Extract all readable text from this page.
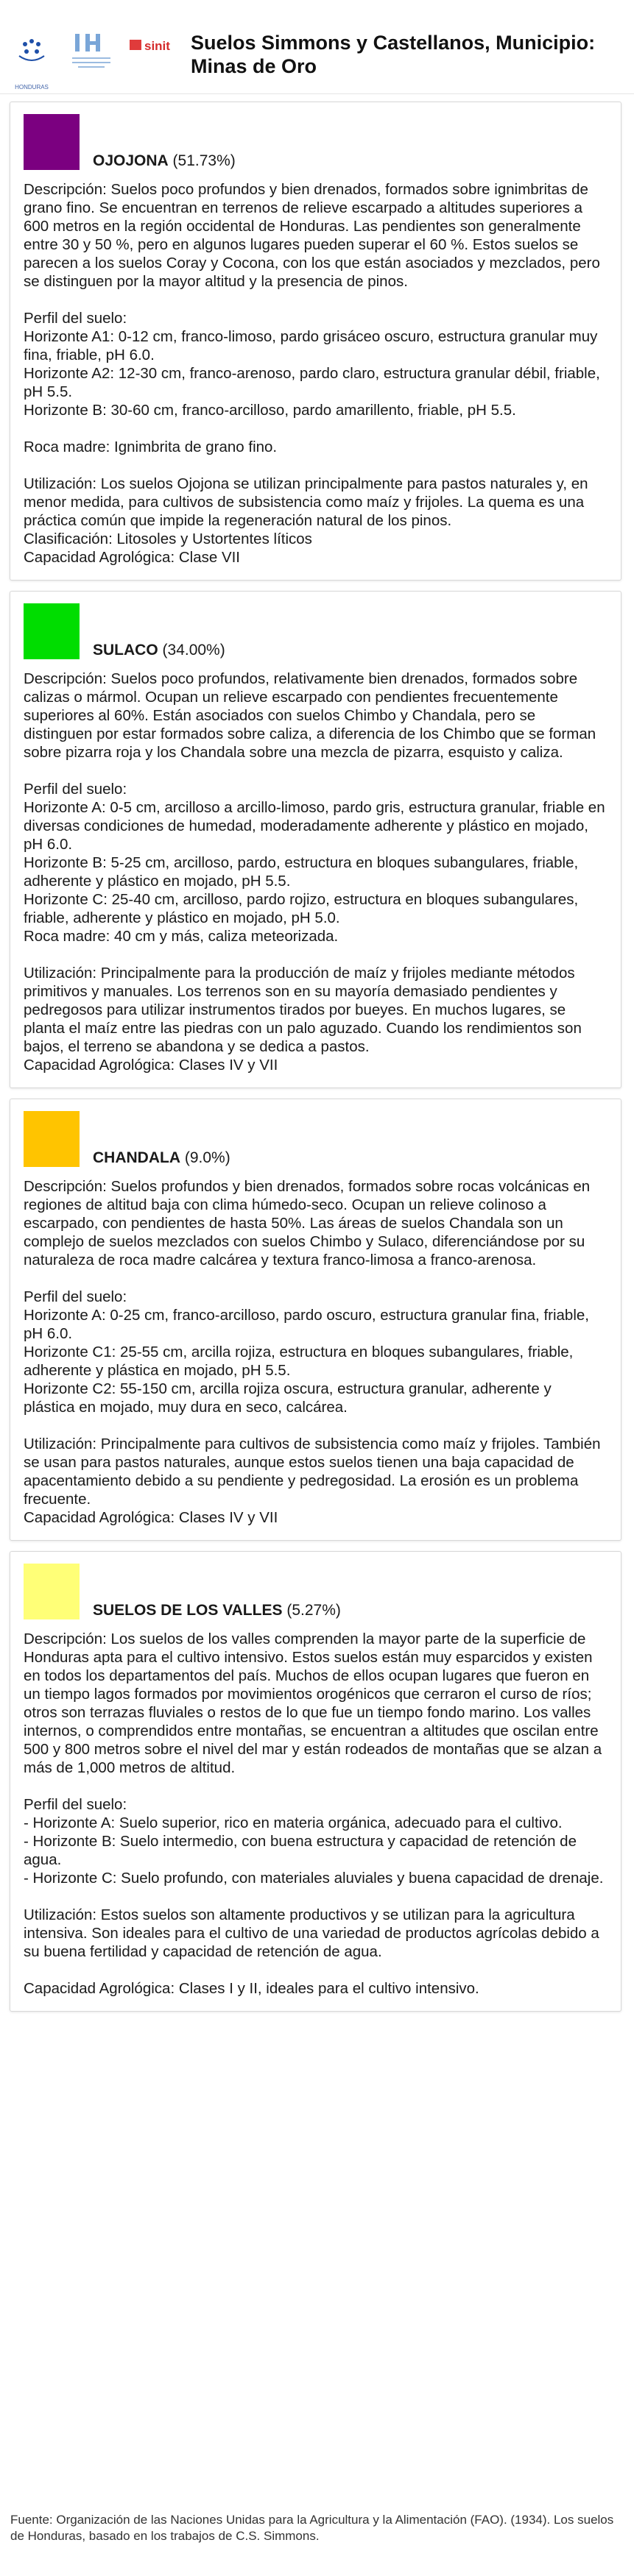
HONDURAS
sinit Suelos Simmons y Castellanos, Municipio: Minas de Oro
OJOJONA (51.73%)
Descripción: Suelos poco profundos y bien drenados, formados sobre ignimbritas de grano fino. Se encuentran en terrenos de relieve escarpado a altitudes superiores a 600 metros en la región occidental de Honduras. Las pendientes son generalmente entre 30 y 50 %, pero en algunos lugares pueden superar el 60 %. Estos suelos se parecen a los suelos Coray y Cocona, con los que están asociados y mezclados, pero se distinguen por la mayor altitud y la presencia de pinos.
Perfil del suelo:
Horizonte A1: 0-12 cm, franco-limoso, pardo grisáceo oscuro, estructura granular muy fina, friable, pH 6.0.
Horizonte A2: 12-30 cm, franco-arenoso, pardo claro, estructura granular débil, friable, pH 5.5.
Horizonte B: 30-60 cm, franco-arcilloso, pardo amarillento, friable, pH 5.5.
Roca madre: Ignimbrita de grano fino.
Utilización: Los suelos Ojojona se utilizan principalmente para pastos naturales y, en menor medida, para cultivos de subsistencia como maíz y frijoles. La quema es una práctica común que impide la regeneración natural de los pinos.
Clasificación: Litosoles y Ustortentes líticos
Capacidad Agrológica: Clase VII
SULACO (34.00%)
Descripción: Suelos poco profundos, relativamente bien drenados, formados sobre calizas o mármol. Ocupan un relieve escarpado con pendientes frecuentemente superiores al 60%. Están asociados con suelos Chimbo y Chandala, pero se distinguen por estar formados sobre caliza, a diferencia de los Chimbo que se forman sobre pizarra roja y los Chandala sobre una mezcla de pizarra, esquisto y caliza.
Perfil del suelo:
Horizonte A: 0-5 cm, arcilloso a arcillo-limoso, pardo gris, estructura granular, friable en diversas condiciones de humedad, moderadamente adherente y plástico en mojado, pH 6.0.
Horizonte B: 5-25 cm, arcilloso, pardo, estructura en bloques subangulares, friable, adherente y plástico en mojado, pH 5.5.
Horizonte C: 25-40 cm, arcilloso, pardo rojizo, estructura en bloques subangulares, friable, adherente y plástico en mojado, pH 5.0.
Roca madre: 40 cm y más, caliza meteorizada.
Utilización: Principalmente para la producción de maíz y frijoles mediante métodos primitivos y manuales. Los terrenos son en su mayoría demasiado pendientes y pedregosos para utilizar instrumentos tirados por bueyes. En muchos lugares, se planta el maíz entre las piedras con un palo aguzado. Cuando los rendimientos son bajos, el terreno se abandona y se dedica a pastos.
Capacidad Agrológica: Clases IV y VII
CHANDALA (9.0%)
Descripción: Suelos profundos y bien drenados, formados sobre rocas volcánicas en regiones de altitud baja con clima húmedo-seco. Ocupan un relieve colinoso a escarpado, con pendientes de hasta 50%. Las áreas de suelos Chandala son un complejo de suelos mezclados con suelos Chimbo y Sulaco, diferenciándose por su naturaleza de roca madre calcárea y textura franco-limosa a franco-arenosa.
Perfil del suelo:
Horizonte A: 0-25 cm, franco-arcilloso, pardo oscuro, estructura granular fina, friable, pH 6.0.
Horizonte C1: 25-55 cm, arcilla rojiza, estructura en bloques subangulares, friable, adherente y plástica en mojado, pH 5.5.
Horizonte C2: 55-150 cm, arcilla rojiza oscura, estructura granular, adherente y plástica en mojado, muy dura en seco, calcárea.
Utilización: Principalmente para cultivos de subsistencia como maíz y frijoles. También se usan para pastos naturales, aunque estos suelos tienen una baja capacidad de apacentamiento debido a su pendiente y pedregosidad. La erosión es un problema frecuente.
Capacidad Agrológica: Clases IV y VII
SUELOS DE LOS VALLES (5.27%)
Descripción: Los suelos de los valles comprenden la mayor parte de la superficie de Honduras apta para el cultivo intensivo. Estos suelos están muy esparcidos y existen en todos los departamentos del país. Muchos de ellos ocupan lugares que fueron en un tiempo lagos formados por movimientos orogénicos que cerraron el curso de ríos; otros son terrazas fluviales o restos de lo que fue un tiempo fondo marino. Los valles internos, o comprendidos entre montañas, se encuentran a altitudes que oscilan entre 500 y 800 metros sobre el nivel del mar y están rodeados de montañas que se alzan a más de 1,000 metros de altitud.
Perfil del suelo:
- Horizonte A: Suelo superior, rico en materia orgánica, adecuado para el cultivo.
- Horizonte B: Suelo intermedio, con buena estructura y capacidad de retención de agua.
- Horizonte C: Suelo profundo, con materiales aluviales y buena capacidad de drenaje.
Utilización: Estos suelos son altamente productivos y se utilizan para la agricultura intensiva. Son ideales para el cultivo de una variedad de productos agrícolas debido a su buena fertilidad y capacidad de retención de agua.
Capacidad Agrológica: Clases I y II, ideales para el cultivo intensivo.
Fuente: Organización de las Naciones Unidas para la Agricultura y la Alimentación (FAO). (1934). Los suelos de Honduras, basado en los trabajos de C.S. Simmons.
